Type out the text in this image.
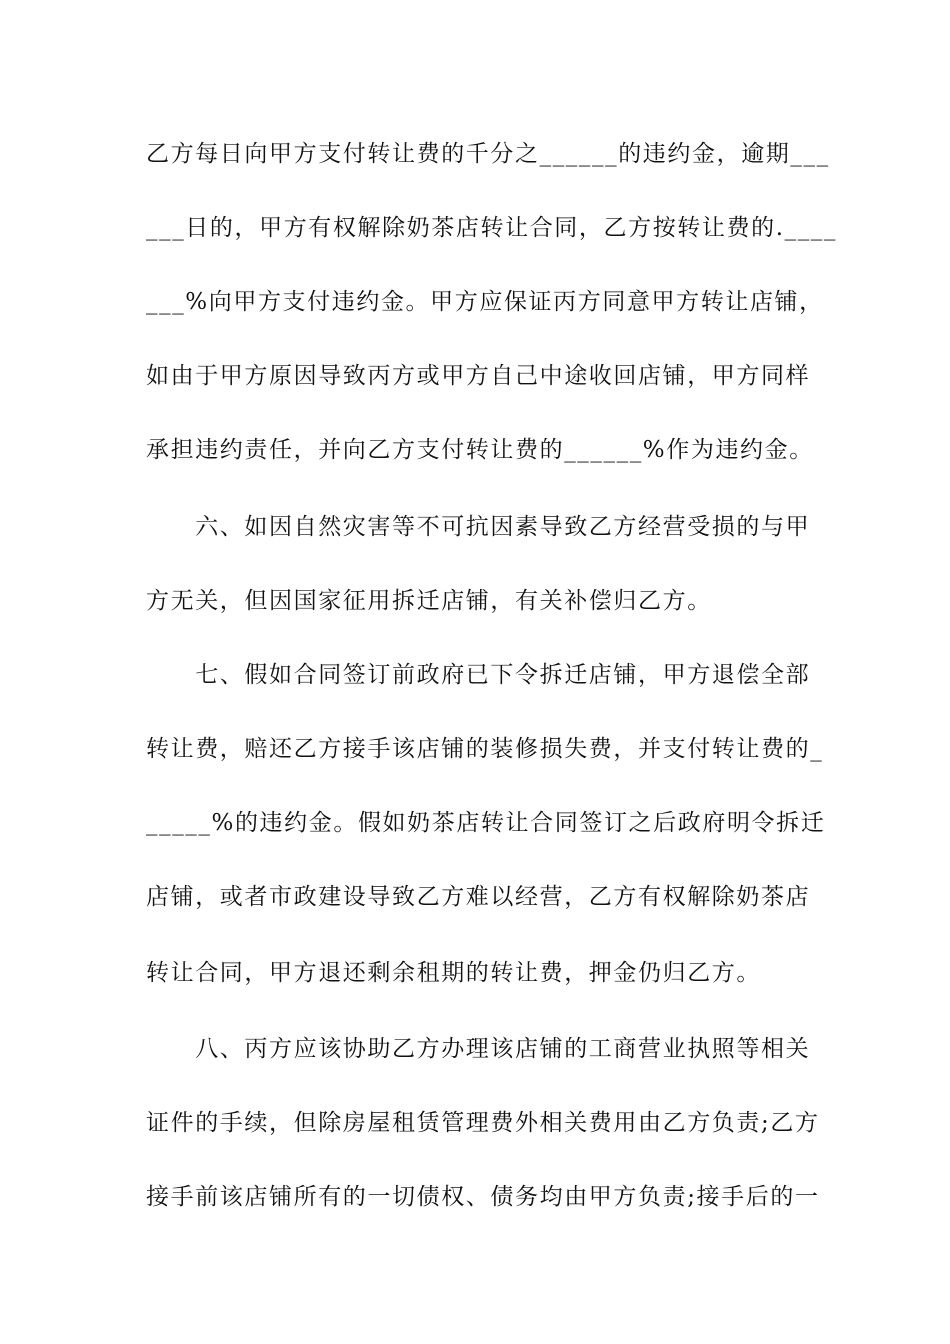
乙方每日向甲方支付转让费的千分之______的违约金，逾期___
___日的，甲方有权解除奶茶店转让合同，乙方按转让费的.____
___%向甲方支付违约金。甲方应保证丙方同意甲方转让店铺，
如由于甲方原因导致丙方或甲方自己中途收回店铺，甲方同样
承担违约责任，并向乙方支付转让费的______%作为违约金。
　　六、如因自然灾害等不可抗因素导致乙方经营受损的与甲
方无关，但因国家征用拆迁店铺，有关补偿归乙方。
　　七、假如合同签订前政府已下令拆迁店铺，甲方退偿全部
转让费，赔还乙方接手该店铺的装修损失费，并支付转让费的_
_____%的违约金。假如奶茶店转让合同签订之后政府明令拆迁
店铺，或者市政建设导致乙方难以经营，乙方有权解除奶茶店
转让合同，甲方退还剩余租期的转让费，押金仍归乙方。
　　八、丙方应该协助乙方办理该店铺的工商营业执照等相关
证件的手续，但除房屋租赁管理费外相关费用由乙方负责;乙方
接手前该店铺所有的一切债权、债务均由甲方负责;接手后的一
